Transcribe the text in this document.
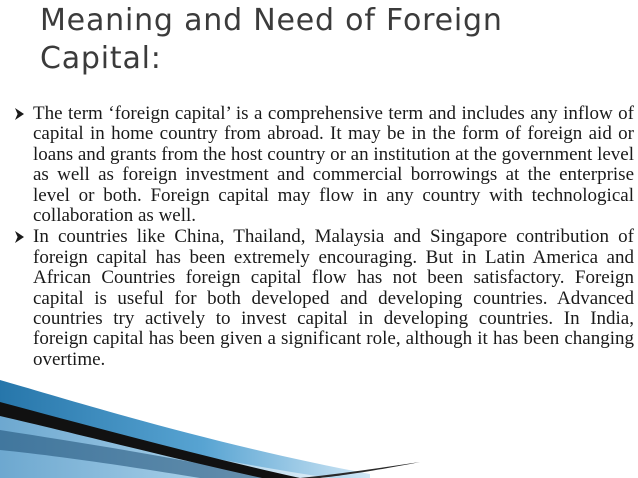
Meaning and Need of Foreign Capital:
The term ‘foreign capital’ is a comprehensive term and includes any inflow of capital in home country from abroad. It may be in the form of foreign aid or loans and grants from the host country or an institution at the government level as well as foreign investment and commercial borrowings at the enterprise level or both. Foreign capital may flow in any country with technological collaboration as well.
In countries like China, Thailand, Malaysia and Singapore contribution of foreign capital has been extremely encouraging. But in Latin America and African Countries foreign capital flow has not been satisfactory. Foreign capital is useful for both developed and developing countries. Advanced countries try actively to invest capital in developing countries. In India, foreign capital has been given a significant role, although it has been changing overtime.
